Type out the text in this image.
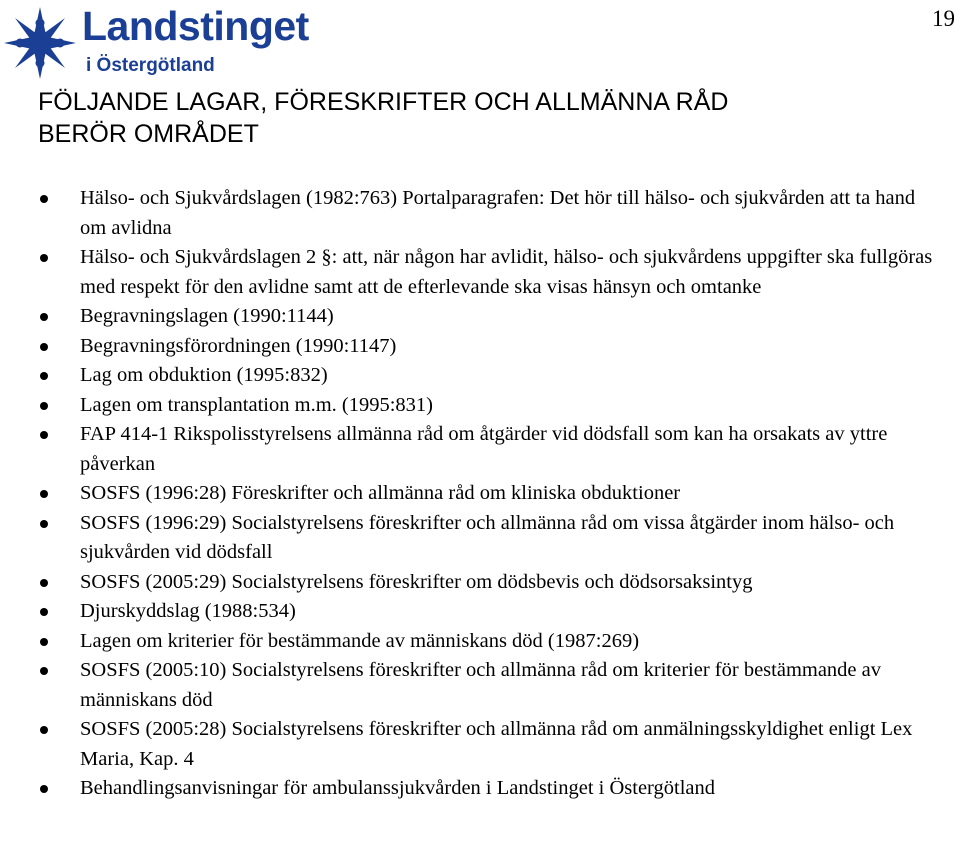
Landstinget
i Östergötland
19
FÖLJANDE LAGAR, FÖRESKRIFTER OCH ALLMÄNNA RÅD
BERÖR OMRÅDET
Hälso- och Sjukvårdslagen (1982:763) Portalparagrafen: Det hör till hälso- och sjukvården att ta hand om avlidna
Hälso- och Sjukvårdslagen 2 §: att, när någon har avlidit, hälso- och sjukvårdens uppgifter ska fullgöras med respekt för den avlidne samt att de efterlevande ska visas hänsyn och omtanke
Begravningslagen (1990:1144)
Begravningsförordningen (1990:1147)
Lag om obduktion (1995:832)
Lagen om transplantation m.m. (1995:831)
FAP 414-1 Rikspolisstyrelsens allmänna råd om åtgärder vid dödsfall som kan ha orsakats av yttre påverkan
SOSFS (1996:28) Föreskrifter och allmänna råd om kliniska obduktioner
SOSFS (1996:29) Socialstyrelsens föreskrifter och allmänna råd om vissa åtgärder inom hälso- och sjukvården vid dödsfall
SOSFS (2005:29) Socialstyrelsens föreskrifter om dödsbevis och dödsorsaksintyg
Djurskyddslag (1988:534)
Lagen om kriterier för bestämmande av människans död (1987:269)
SOSFS (2005:10) Socialstyrelsens föreskrifter och allmänna råd om kriterier för bestämmande av människans död
SOSFS (2005:28) Socialstyrelsens föreskrifter och allmänna råd om anmälningsskyldighet enligt Lex Maria, Kap. 4
Behandlingsanvisningar för ambulanssjukvården i Landstinget i Östergötland
